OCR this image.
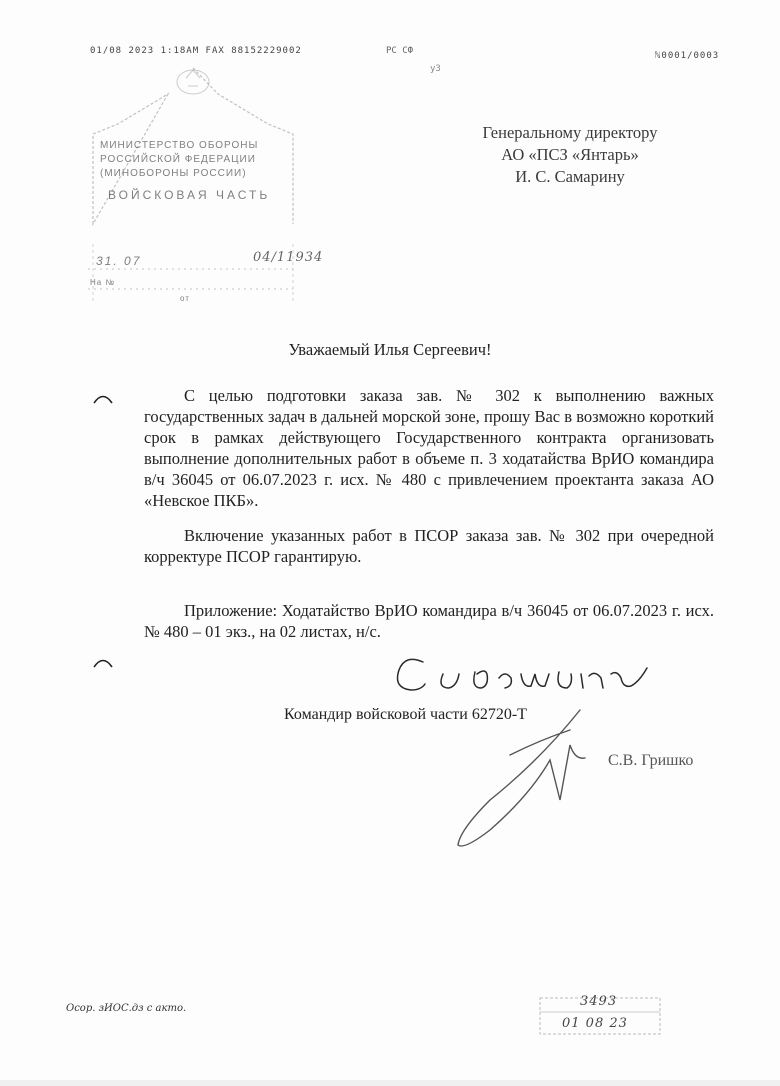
01/08 2023 1:18AM FAX 88152229002	РС СФ
уЗ
ℕ0001/0003
МИНИСТЕРСТВО ОБОРОНЫ
РОССИЙСКОЙ ФЕДЕРАЦИИ
(МИНОБОРОНЫ РОССИИ)
ВОЙСКОВАЯ ЧАСТЬ
31. 07	04/11934
На №
от
Генеральному директору
АО «ПСЗ «Янтарь»
И. С. Самарину
Уважаемый Илья Сергеевич!
С целью подготовки заказа зав. № 302 к выполнению важных государственных задач в дальней морской зоне, прошу Вас в возможно короткий срок в рамках действующего Государственного контракта организовать выполнение дополнительных работ в объеме п. 3 ходатайства ВрИО командира в/ч 36045 от 06.07.2023 г. исх. № 480 с привлечением проектанта заказа АО «Невское ПКБ».
Включение указанных работ в ПСОР заказа зав. № 302 при очередной корректуре ПСОР гарантирую.
Приложение: Ходатайство ВрИО командира в/ч 36045 от 06.07.2023 г. исх. № 480 – 01 экз., на 02 листах, н/с.
Командир войсковой части 62720-Т
С.В. Гришко
Осор. зИОС.дз с акто.	3493
01 08 23
